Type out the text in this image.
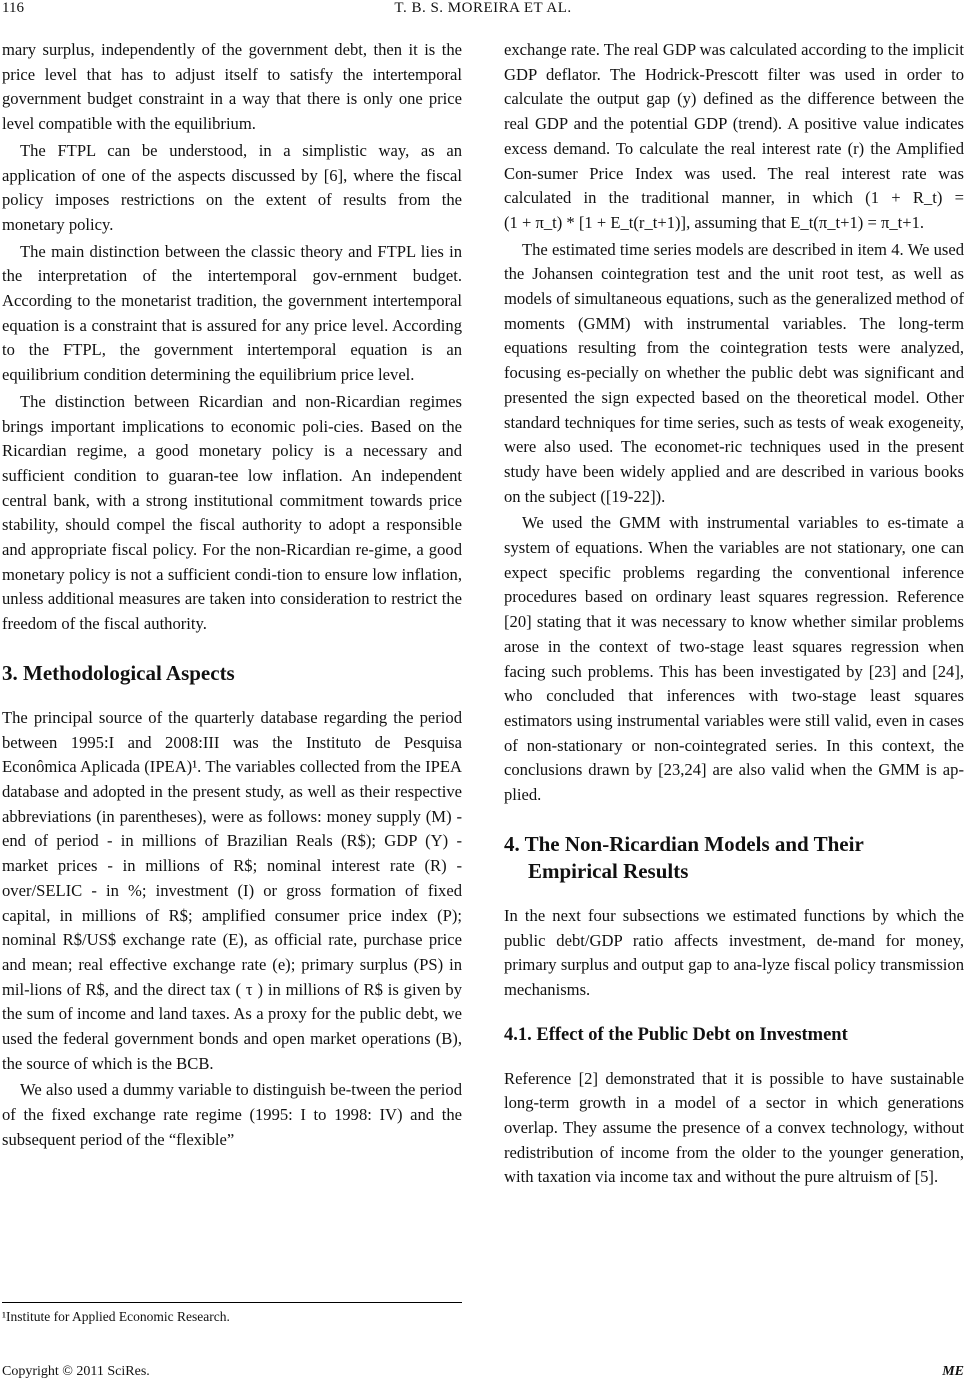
116	T. B. S. MOREIRA ET AL.

mary surplus, independently of the government debt, then it is the price level that has to adjust itself to satisfy the intertemporal government budget constraint in a way that there is only one price level compatible with the equilibrium.

The FTPL can be understood, in a simplistic way, as an application of one of the aspects discussed by [6], where the fiscal policy imposes restrictions on the extent of results from the monetary policy.

The main distinction between the classic theory and FTPL lies in the interpretation of the intertemporal gov-ernment budget. According to the monetarist tradition, the government intertemporal equation is a constraint that is assured for any price level. According to the FTPL, the government intertemporal equation is an equilibrium condition determining the equilibrium price level.

The distinction between Ricardian and non-Ricardian regimes brings important implications to economic poli-cies. Based on the Ricardian regime, a good monetary policy is a necessary and sufficient condition to guaran-tee low inflation. An independent central bank, with a strong institutional commitment towards price stability, should compel the fiscal authority to adopt a responsible and appropriate fiscal policy. For the non-Ricardian re-gime, a good monetary policy is not a sufficient condi-tion to ensure low inflation, unless additional measures are taken into consideration to restrict the freedom of the fiscal authority.

3. Methodological Aspects

The principal source of the quarterly database regarding the period between 1995:I and 2008:III was the Instituto de Pesquisa Econômica Aplicada (IPEA)¹. The variables collected from the IPEA database and adopted in the present study, as well as their respective abbreviations (in parentheses), were as follows: money supply (M) - end of period - in millions of Brazilian Reals (R$); GDP (Y) - market prices - in millions of R$; nominal interest rate (R) - over/SELIC - in %; investment (I) or gross formation of fixed capital, in millions of R$; amplified consumer price index (P); nominal R$/US$ exchange rate (E), as official rate, purchase price and mean; real effective exchange rate (e); primary surplus (PS) in mil-lions of R$, and the direct tax ( τ ) in millions of R$ is given by the sum of income and land taxes. As a proxy for the public debt, we used the federal government bonds and open market operations (B), the source of which is the BCB.

We also used a dummy variable to distinguish be-tween the period of the fixed exchange rate regime (1995: I to 1998: IV) and the subsequent period of the “flexible”

exchange rate. The real GDP was calculated according to the implicit GDP deflator. The Hodrick-Prescott filter was used in order to calculate the output gap (y) defined as the difference between the real GDP and the potential GDP (trend). A positive value indicates excess demand. To calculate the real interest rate (r) the Amplified Con-sumer Price Index was used. The real interest rate was calculated in the traditional manner, in which (1 + R_t) = (1 + π_t) * [1 + E_t(r_t+1)], assuming that E_t(π_t+1) = π_t+1.

The estimated time series models are described in item 4. We used the Johansen cointegration test and the unit root test, as well as models of simultaneous equations, such as the generalized method of moments (GMM) with instrumental variables. The long-term equations resulting from the cointegration tests were analyzed, focusing es-pecially on whether the public debt was significant and presented the sign expected based on the theoretical model. Other standard techniques for time series, such as tests of weak exogeneity, were also used. The economet-ric techniques used in the present study have been widely applied and are described in various books on the subject ([19-22]).

We used the GMM with instrumental variables to es-timate a system of equations. When the variables are not stationary, one can expect specific problems regarding the conventional inference procedures based on ordinary least squares regression. Reference [20] stating that it was necessary to know whether similar problems arose in the context of two-stage least squares regression when facing such problems. This has been investigated by [23] and [24], who concluded that inferences with two-stage least squares estimators using instrumental variables were still valid, even in cases of non-stationary or non-cointegrated series. In this context, the conclusions drawn by [23,24] are also valid when the GMM is ap-plied.

4. The Non-Ricardian Models and Their
Empirical Results

In the next four subsections we estimated functions by which the public debt/GDP ratio affects investment, de-mand for money, primary surplus and output gap to ana-lyze fiscal policy transmission mechanisms.

4.1. Effect of the Public Debt on Investment

Reference [2] demonstrated that it is possible to have sustainable long-term growth in a model of a sector in which generations overlap. They assume the presence of a convex technology, without redistribution of income from the older to the younger generation, with taxation via income tax and without the pure altruism of [5].

¹Institute for Applied Economic Research.
Copyright © 2011 SciRes.	ME
